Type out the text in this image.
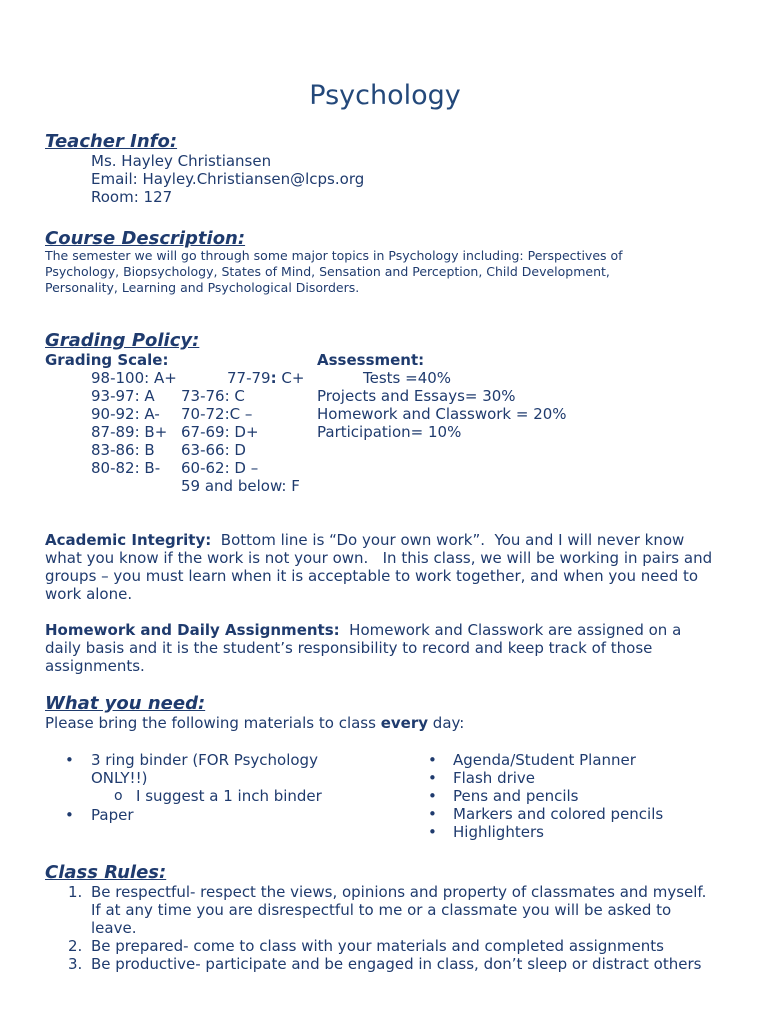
Psychology
Teacher Info:
Ms. Hayley Christiansen
Email: Hayley.Christiansen@lcps.org
Room: 127
Course Description:
The semester we will go through some major topics in Psychology including: Perspectives of
Psychology, Biopsychology, States of Mind, Sensation and Perception, Child Development,
Personality, Learning and Psychological Disorders.
Grading Policy:
Grading Scale:	Assessment:
98-100: A+
93-97: A
90-92: A-
87-89: B+
83-86: B
80-82: B-
77-79: C+
73-76: C
70-72:C –
67-69: D+
63-66: D
60-62: D –
59 and below: F
Tests =40%
Projects and Essays= 30%
Homework and Classwork = 20%
Participation= 10%
Academic Integrity:  Bottom line is “Do your own work”.  You and I will never know
what you know if the work is not your own.   In this class, we will be working in pairs and
groups – you must learn when it is acceptable to work together, and when you need to
work alone.
Homework and Daily Assignments:  Homework and Classwork are assigned on a
daily basis and it is the student’s responsibility to record and keep track of those
assignments.
What you need:
Please bring the following materials to class every day:
• 3 ring binder (FOR Psychology
ONLY!!)
o I suggest a 1 inch binder
• Paper
• Agenda/Student Planner
• Flash drive
• Pens and pencils
• Markers and colored pencils
• Highlighters
Class Rules:
1. Be respectful- respect the views, opinions and property of classmates and myself.
If at any time you are disrespectful to me or a classmate you will be asked to
leave.
2. Be prepared- come to class with your materials and completed assignments
3. Be productive- participate and be engaged in class, don’t sleep or distract others
